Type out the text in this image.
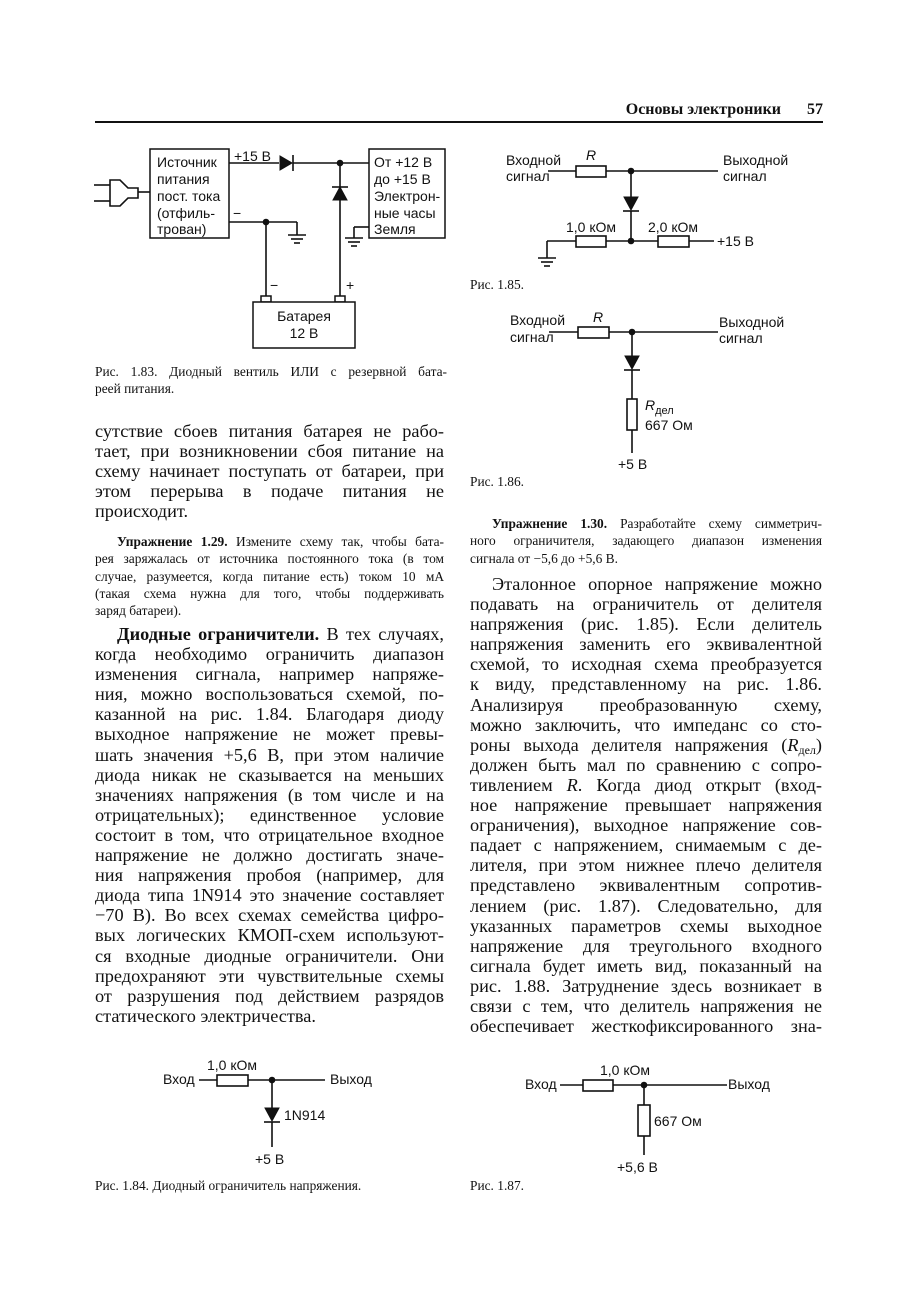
Основы электроники 57
Источник
питания
пост. тока
(отфиль-
трован)
+15 В	От +12 В
до +15 В
Электрон-
ные часы
Земля
−
−	+
Батарея
12 В
Рис. 1.83. Диодный вентиль ИЛИ с резервной бата-
реей питания.
сутствие сбоев питания батарея не рабо-
тает, при возникновении сбоя питание на
схему начинает поступать от батареи, при
этом перерыва в подаче питания не
происходит.
Упражнение 1.29. Измените схему так, чтобы бата-
рея заряжалась от источника постоянного тока (в том
случае, разумеется, когда питание есть) током 10 мА
(такая схема нужна для того, чтобы поддерживать
заряд батареи).
Диодные ограничители. В тех случаях,
когда необходимо ограничить диапазон
изменения сигнала, например напряже-
ния, можно воспользоваться схемой, по-
казанной на рис. 1.84. Благодаря диоду
выходное напряжение не может превы-
шать значения +5,6 В, при этом наличие
диода никак не сказывается на меньших
значениях напряжения (в том числе и на
отрицательных); единственное условие
состоит в том, что отрицательное входное
напряжение не должно достигать значе-
ния напряжения пробоя (например, для
диода типа 1N914 это значение составляет
−70 В). Во всех схемах семейства цифро-
вых логических КМОП-схем используют-
ся входные диодные ограничители. Они
предохраняют эти чувствительные схемы
от разрушения под действием разрядов
статического электричества.
1,0 кОм
Вход	Выход
1N914
+5 В
Рис. 1.84. Диодный ограничитель напряжения.
Входной
сигнал
R	Выходной
сигнал
1,0 кОм 2,0 кОм
+15 В
Рис. 1.85.
Входной
сигнал
R	Выходной
сигнал
$R_{дел}$
667 Ом
+5 В
Рис. 1.86.
Упражнение 1.30. Разработайте схему симметрич-
ного ограничителя, задающего диапазон изменения
сигнала от −5,6 до +5,6 В.
Эталонное опорное напряжение можно
подавать на ограничитель от делителя
напряжения (рис. 1.85). Если делитель
напряжения заменить его эквивалентной
схемой, то исходная схема преобразуется
к виду, представленному на рис. 1.86.
Анализируя преобразованную схему,
можно заключить, что импеданс со сто-
роны выхода делителя напряжения (Rдел)
должен быть мал по сравнению с сопро-
тивлением R. Когда диод открыт (вход-
ное напряжение превышает напряжения
ограничения), выходное напряжение сов-
падает с напряжением, снимаемым с де-
лителя, при этом нижнее плечо делителя
представлено эквивалентным сопротив-
лением (рис. 1.87). Следовательно, для
указанных параметров схемы выходное
напряжение для треугольного входного
сигнала будет иметь вид, показанный на
рис. 1.88. Затруднение здесь возникает в
связи с тем, что делитель напряжения не
обеспечивает жесткофиксированного зна-
1,0 кОм
Вход	Выход
667 Ом
+5,6 В
Рис. 1.87.
